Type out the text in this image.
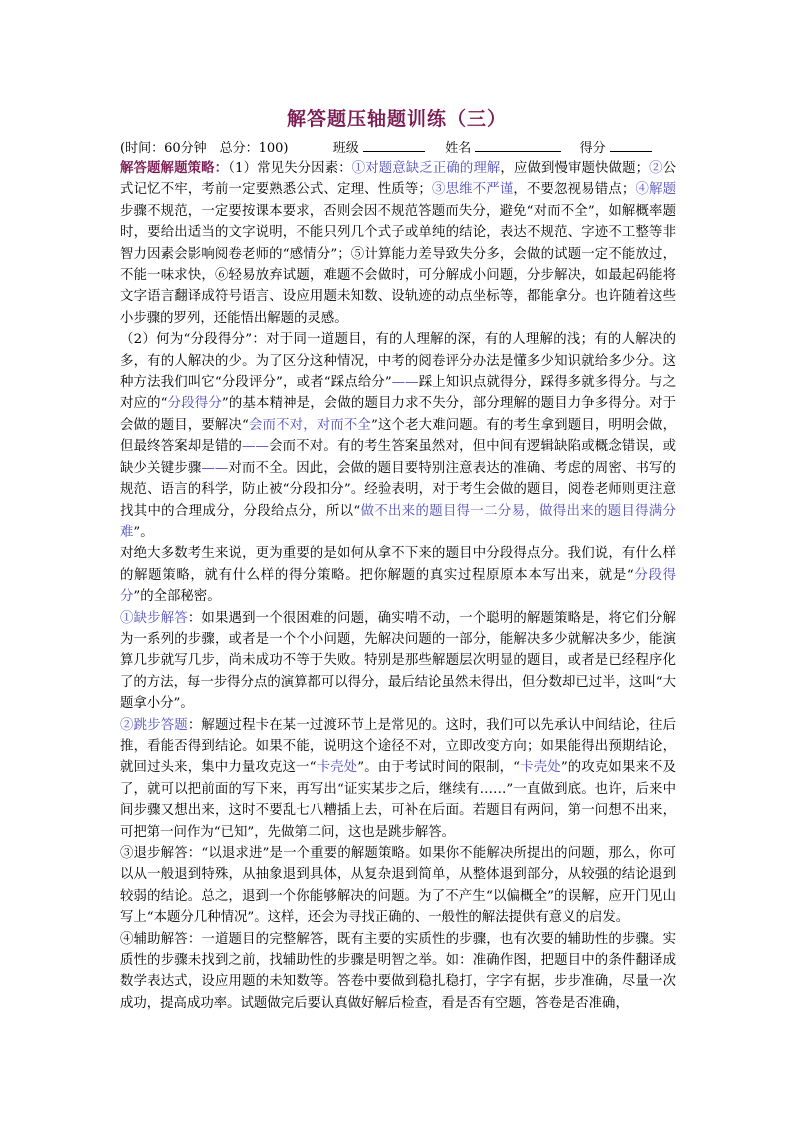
解答题压轴题训练（三）
(时间：60分钟　总分：100)	班级	姓名	得分

解答题解题策略：（1）常见失分因素：①对题意缺乏正确的理解，应做到慢审题快做题；②公式记忆不牢，考前一定要熟悉公式、定理、性质等；③思维不严谨，不要忽视易错点；④解题步骤不规范，一定要按课本要求，否则会因不规范答题而失分，避免“对而不全”，如解概率题时，要给出适当的文字说明，不能只列几个式子或单纯的结论，表达不规范、字迹不工整等非智力因素会影响阅卷老师的“感情分”；⑤计算能力差导致失分多，会做的试题一定不能放过，不能一味求快，⑥轻易放弃试题，难题不会做时，可分解成小问题，分步解决，如最起码能将文字语言翻译成符号语言、设应用题未知数、设轨迹的动点坐标等，都能拿分。也许随着这些小步骤的罗列，还能悟出解题的灵感。

（2）何为“分段得分”：对于同一道题目，有的人理解的深，有的人理解的浅；有的人解决的多，有的人解决的少。为了区分这种情况，中考的阅卷评分办法是懂多少知识就给多少分。这种方法我们叫它“分段评分”，或者“踩点给分”——踩上知识点就得分，踩得多就多得分。与之对应的“分段得分”的基本精神是，会做的题目力求不失分，部分理解的题目力争多得分。对于会做的题目，要解决“会而不对，对而不全”这个老大难问题。有的考生拿到题目，明明会做，但最终答案却是错的——会而不对。有的考生答案虽然对，但中间有逻辑缺陷或概念错误，或缺少关键步骤——对而不全。因此，会做的题目要特别注意表达的准确、考虑的周密、书写的规范、语言的科学，防止被“分段扣分”。经验表明，对于考生会做的题目，阅卷老师则更注意找其中的合理成分，分段给点分，所以“做不出来的题目得一二分易，做得出来的题目得满分难”。

对绝大多数考生来说，更为重要的是如何从拿不下来的题目中分段得点分。我们说，有什么样的解题策略，就有什么样的得分策略。把你解题的真实过程原原本本写出来，就是“分段得分”的全部秘密。

①缺步解答：如果遇到一个很困难的问题，确实啃不动，一个聪明的解题策略是，将它们分解为一系列的步骤，或者是一个个小问题，先解决问题的一部分，能解决多少就解决多少，能演算几步就写几步，尚未成功不等于失败。特别是那些解题层次明显的题目，或者是已经程序化了的方法，每一步得分点的演算都可以得分，最后结论虽然未得出，但分数却已过半，这叫“大题拿小分”。

②跳步答题：解题过程卡在某一过渡环节上是常见的。这时，我们可以先承认中间结论，往后推，看能否得到结论。如果不能，说明这个途径不对，立即改变方向；如果能得出预期结论，就回过头来，集中力量攻克这一“卡壳处”。由于考试时间的限制，“卡壳处”的攻克如果来不及了，就可以把前面的写下来，再写出“证实某步之后，继续有……”一直做到底。也许，后来中间步骤又想出来，这时不要乱七八糟插上去，可补在后面。若题目有两问，第一问想不出来，可把第一问作为“已知”，先做第二问，这也是跳步解答。

③退步解答：“以退求进”是一个重要的解题策略。如果你不能解决所提出的问题，那么，你可以从一般退到特殊，从抽象退到具体，从复杂退到简单，从整体退到部分，从较强的结论退到较弱的结论。总之，退到一个你能够解决的问题。为了不产生“以偏概全”的误解，应开门见山写上“本题分几种情况”。这样，还会为寻找正确的、一般性的解法提供有意义的启发。

④辅助解答：一道题目的完整解答，既有主要的实质性的步骤，也有次要的辅助性的步骤。实质性的步骤未找到之前，找辅助性的步骤是明智之举。如：准确作图，把题目中的条件翻译成数学表达式，设应用题的未知数等。答卷中要做到稳扎稳打，字字有据，步步准确，尽量一次成功，提高成功率。试题做完后要认真做好解后检查，看是否有空题，答卷是否准确，
